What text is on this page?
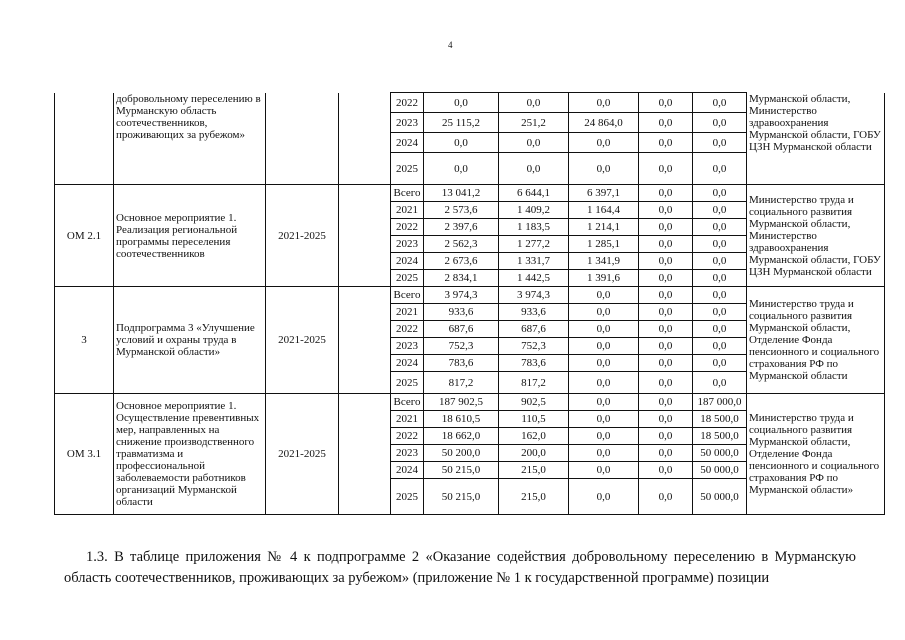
4
	добровольному переселению в Мурманскую область соотечественников, проживающих за рубежом»			2022	0,0	0,0	0,0	0,0	0,0	Мурманской области, Министерство здравоохранения Мурманской области, ГОБУ ЦЗН Мурманской области
				2023	25 115,2	251,2	24 864,0	0,0	0,0	
				2024	0,0	0,0	0,0	0,0	0,0	
				2025	0,0	0,0	0,0	0,0	0,0	
ОМ 2.1	Основное мероприятие 1. Реализация региональной программы переселения соотечественников	2021-2025		Всего	13 041,2	6 644,1	6 397,1	0,0	0,0	Министерство труда и социального развития Мурманской области, Министерство здравоохранения Мурманской области, ГОБУ ЦЗН Мурманской области
				2021	2 573,6	1 409,2	1 164,4	0,0	0,0	
				2022	2 397,6	1 183,5	1 214,1	0,0	0,0	
				2023	2 562,3	1 277,2	1 285,1	0,0	0,0	
				2024	2 673,6	1 331,7	1 341,9	0,0	0,0	
				2025	2 834,1	1 442,5	1 391,6	0,0	0,0	
3	Подпрограмма 3 «Улучшение условий и охраны труда в Мурманской области»	2021-2025		Всего	3 974,3	3 974,3	0,0	0,0	0,0	Министерство труда и социального развития Мурманской области, Отделение Фонда пенсионного и социального страхования РФ по Мурманской области
				2021	933,6	933,6	0,0	0,0	0,0	
				2022	687,6	687,6	0,0	0,0	0,0	
				2023	752,3	752,3	0,0	0,0	0,0	
				2024	783,6	783,6	0,0	0,0	0,0	
				2025	817,2	817,2	0,0	0,0	0,0	
ОМ 3.1	Основное мероприятие 1. Осуществление превентивных мер, направленных на снижение производственного травматизма и профессиональной заболеваемости работников организаций Мурманской области	2021-2025		Всего	187 902,5	902,5	0,0	0,0	187 000,0	Министерство труда и социального развития Мурманской области, Отделение Фонда пенсионного и социального страхования РФ по Мурманской области»
				2021	18 610,5	110,5	0,0	0,0	18 500,0	
				2022	18 662,0	162,0	0,0	0,0	18 500,0	
				2023	50 200,0	200,0	0,0	0,0	50 000,0	
				2024	50 215,0	215,0	0,0	0,0	50 000,0	
				2025	50 215,0	215,0	0,0	0,0	50 000,0	

1.3. В таблице приложения № 4 к подпрограмме 2 «Оказание содействия добровольному переселению в Мурманскую область соотечественников, проживающих за рубежом» (приложение № 1 к государственной программе) позиции
